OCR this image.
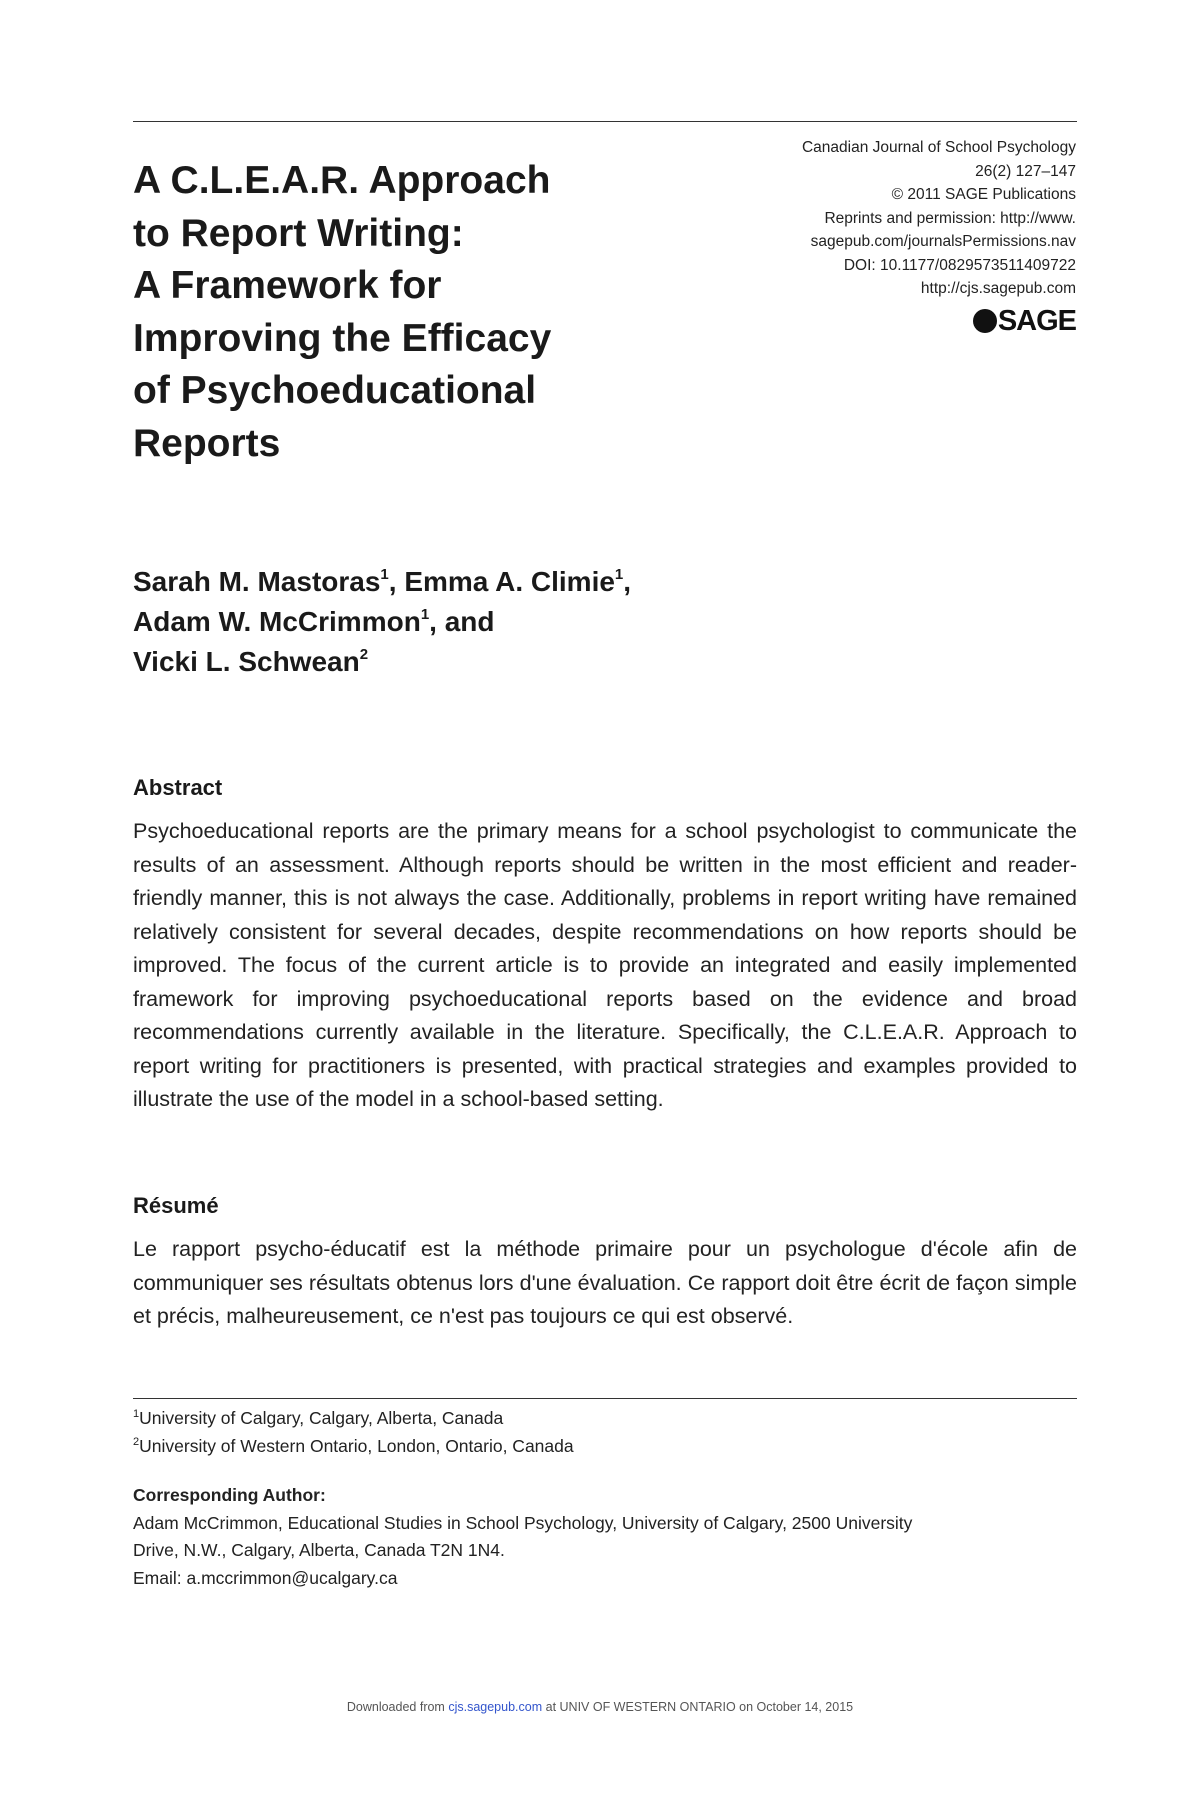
Canadian Journal of School Psychology
26(2) 127–147
© 2011 SAGE Publications
Reprints and permission: http://www.
sagepub.com/journalsPermissions.nav
DOI: 10.1177/0829573511409722
http://cjs.sagepub.com
SAGE
A C.L.E.A.R. Approach
to Report Writing:
A Framework for
Improving the Efficacy
of Psychoeducational
Reports
Sarah M. Mastoras$^1$, Emma A. Climie$^1$,
Adam W. McCrimmon$^1$, and
Vicki L. Schwean$^2$
Abstract

Psychoeducational reports are the primary means for a school psychologist to communicate the results of an assessment. Although reports should be written in the most efficient and reader-friendly manner, this is not always the case. Additionally, problems in report writing have remained relatively consistent for several decades, despite recommendations on how reports should be improved. The focus of the current article is to provide an integrated and easily implemented framework for improving psychoeducational reports based on the evidence and broad recommendations currently available in the literature. Specifically, the C.L.E.A.R. Approach to report writing for practitioners is presented, with practical strategies and examples provided to illustrate the use of the model in a school-based setting.

Résumé

Le rapport psycho-éducatif est la méthode primaire pour un psychologue d'école afin de communiquer ses résultats obtenus lors d'une évaluation. Ce rapport doit être écrit de façon simple et précis, malheureusement, ce n'est pas toujours ce qui est observé.

$^1$University of Calgary, Calgary, Alberta, Canada
$^2$University of Western Ontario, London, Ontario, Canada
Corresponding Author:
Adam McCrimmon, Educational Studies in School Psychology, University of Calgary, 2500 University
Drive, N.W., Calgary, Alberta, Canada T2N 1N4.
Email: a.mccrimmon@ucalgary.ca
Downloaded from cjs.sagepub.com at UNIV OF WESTERN ONTARIO on October 14, 2015
